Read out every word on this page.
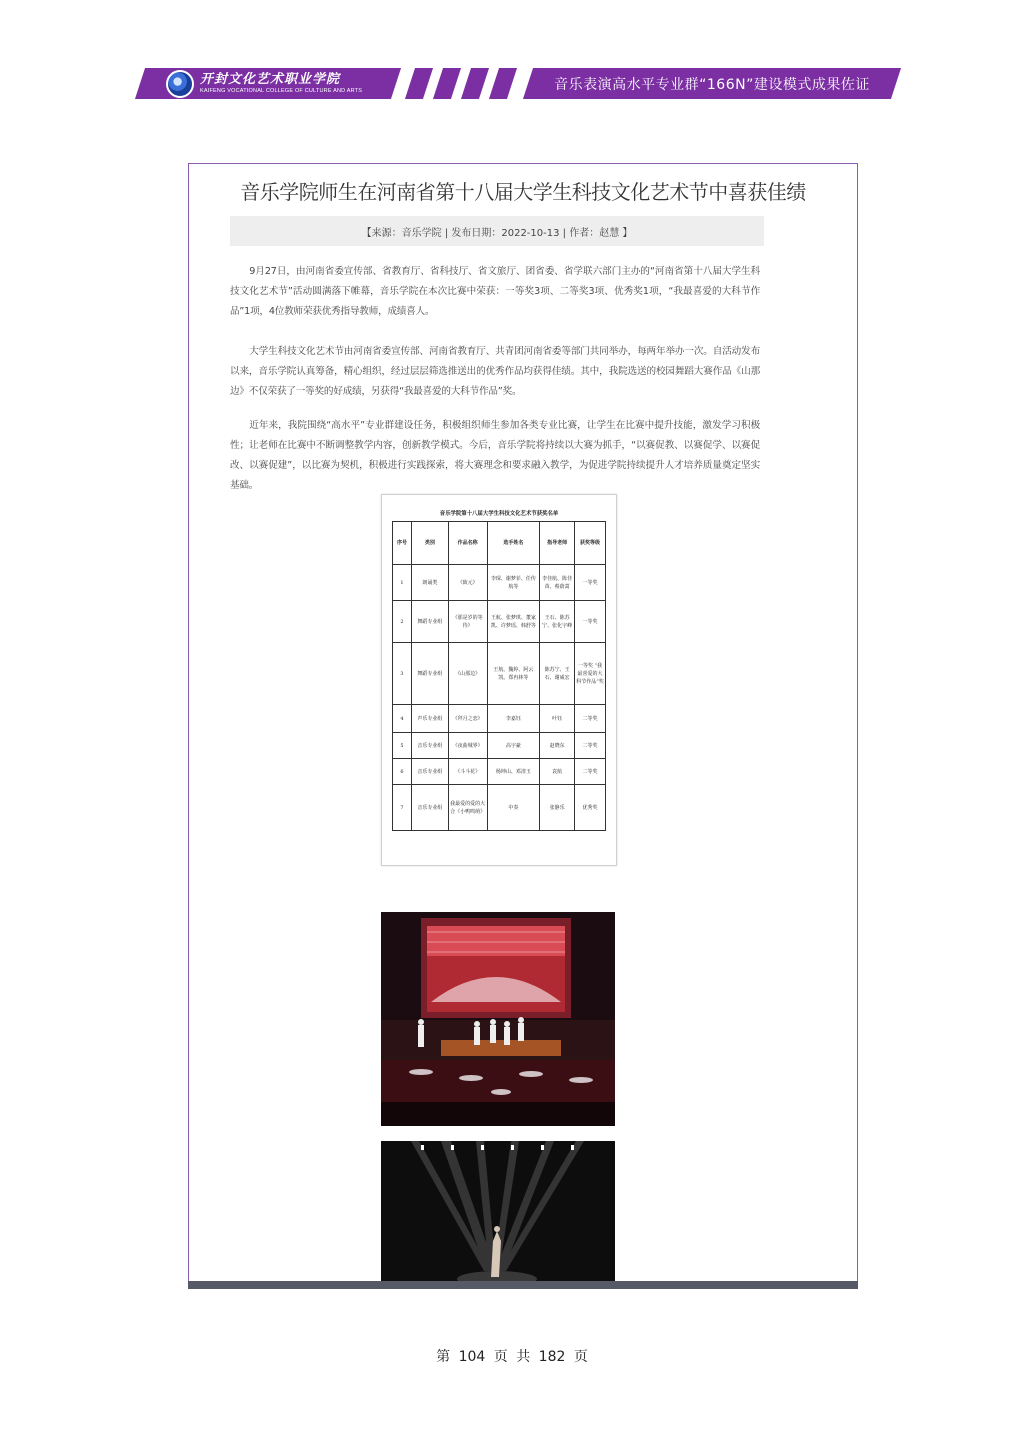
开封文化艺术职业学院
KAIFENG VOCATIONAL COLLEGE OF CULTURE AND ARTS	音乐表演高水平专业群“166N”建设模式成果佐证
音乐学院师生在河南省第十八届大学生科技文化艺术节中喜获佳绩
【来源：音乐学院 | 发布日期：2022-10-13 | 作者：赵慧 】
9月27日，由河南省委宣传部、省教育厅、省科技厅、省文旅厅、团省委、省学联六部门主办的“河南省第十八届大学生科技文化艺术节”活动圆满落下帷幕，音乐学院在本次比赛中荣获：一等奖3项、二等奖3项、优秀奖1项，“我最喜爱的大科节作品”1项，4位教师荣获优秀指导教师，成绩喜人。
大学生科技文化艺术节由河南省委宣传部、河南省教育厅、共青团河南省委等部门共同举办，每两年举办一次。自活动发布以来，音乐学院认真筹备，精心组织，经过层层筛选推送出的优秀作品均获得佳绩。其中，我院选送的校园舞蹈大赛作品《山那边》不仅荣获了一等奖的好成绩，另获得“我最喜爱的大科节作品”奖。
近年来，我院围绕“高水平”专业群建设任务，积极组织师生参加各类专业比赛，让学生在比赛中提升技能，激发学习积极性；让老师在比赛中不断调整教学内容，创新教学模式。今后，音乐学院将持续以大赛为抓手，“以赛促教、以赛促学、以赛促改、以赛促建”，以比赛为契机，积极进行实践探索，将大赛理念和要求融入教学，为促进学院持续提升人才培养质量奠定坚实基础。
音乐学院第十八届大学生科技文化艺术节获奖名单
序号	类别	作品名称	选手姓名	指导老师	获奖等级
1	朗诵类	《致元》	李琛、谢梦菲、任传航等	李佳航、陈佳苗、蔡蔚蒿	一等奖
2	舞蹈专业组	《那是岁的等待》	王航、张梦琪、董家凯、许梦瑶、韩舒等	王石、陈苏宁、张化宇峰	一等奖
3	舞蹈专业组	《山那边》	王航、魏婷、阿云凯、郑冉林等	陈苏宁、王石、谢威宏	一等奖 “我最喜爱的大科节作品”奖
4	声乐专业组	《拜月之恋》	李嘉钰	叶钰	二等奖
5	音乐专业组	《夜曲城界》	高宇豪	赵晓东	二等奖
6	音乐专业组	《斗斗花》	杨坤山、邓清玉	袁航	二等奖
7	音乐专业组	我最爱的爱的大合《小鸭鸣萌》	中奏	张静乐	优秀奖
第 104 页 共 182 页
